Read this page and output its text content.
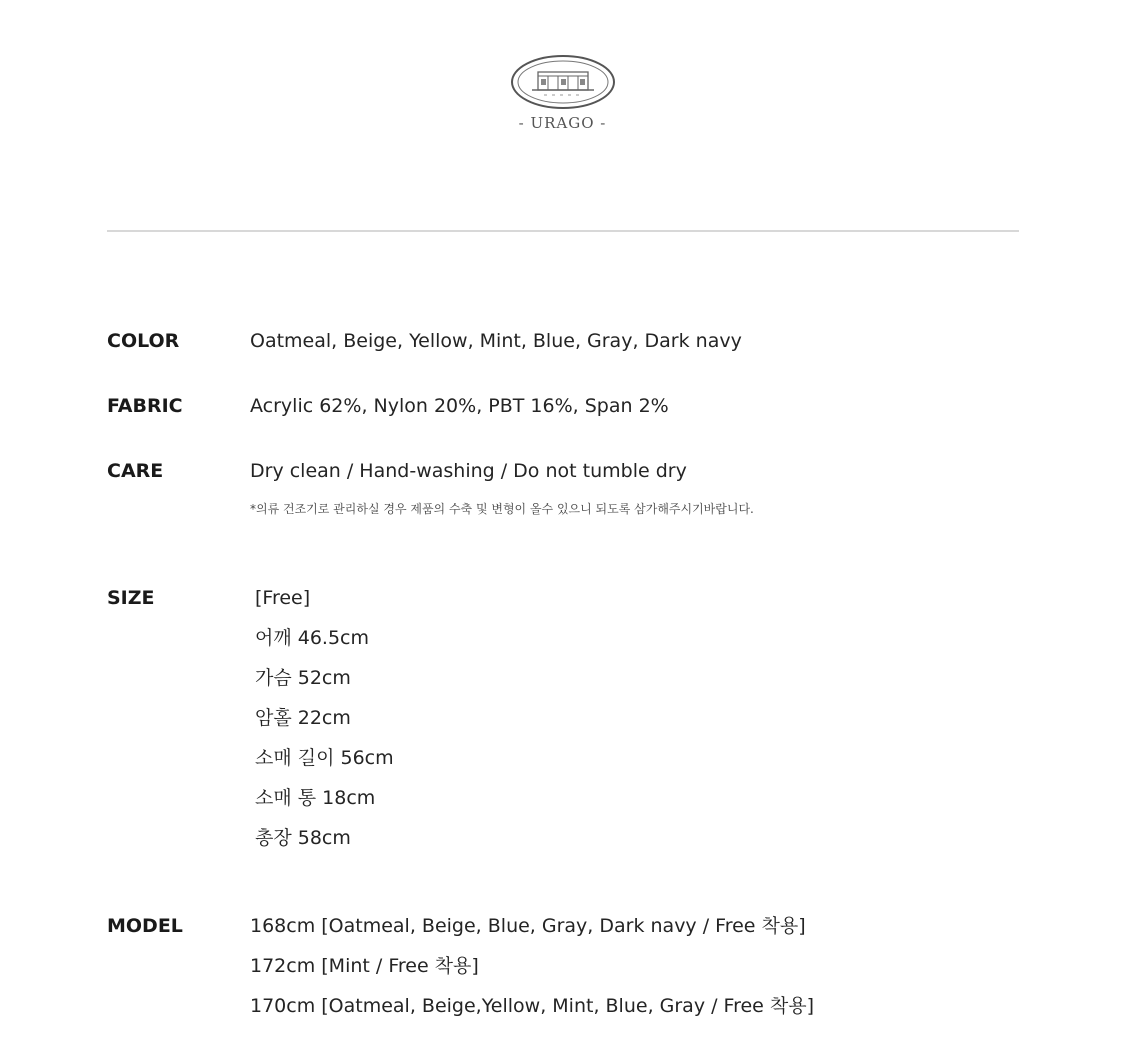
- URAGO -
COLOR	Oatmeal, Beige, Yellow, Mint, Blue, Gray, Dark navy
FABRIC	Acrylic 62%, Nylon 20%, PBT 16%, Span 2%
CARE	Dry clean / Hand-washing / Do not tumble dry
*의류 건조기로 관리하실 경우 제품의 수축 및 변형이 올수 있으니 되도록 삼가해주시기바랍니다.
SIZE	[Free]
어깨 46.5cm
가슴 52cm
암홀 22cm
소매 길이 56cm
소매 통 18cm
총장 58cm
MODEL	168cm [Oatmeal, Beige, Blue, Gray, Dark navy / Free 착용]
172cm [Mint / Free 착용]
170cm [Oatmeal, Beige,Yellow, Mint, Blue, Gray / Free 착용]
